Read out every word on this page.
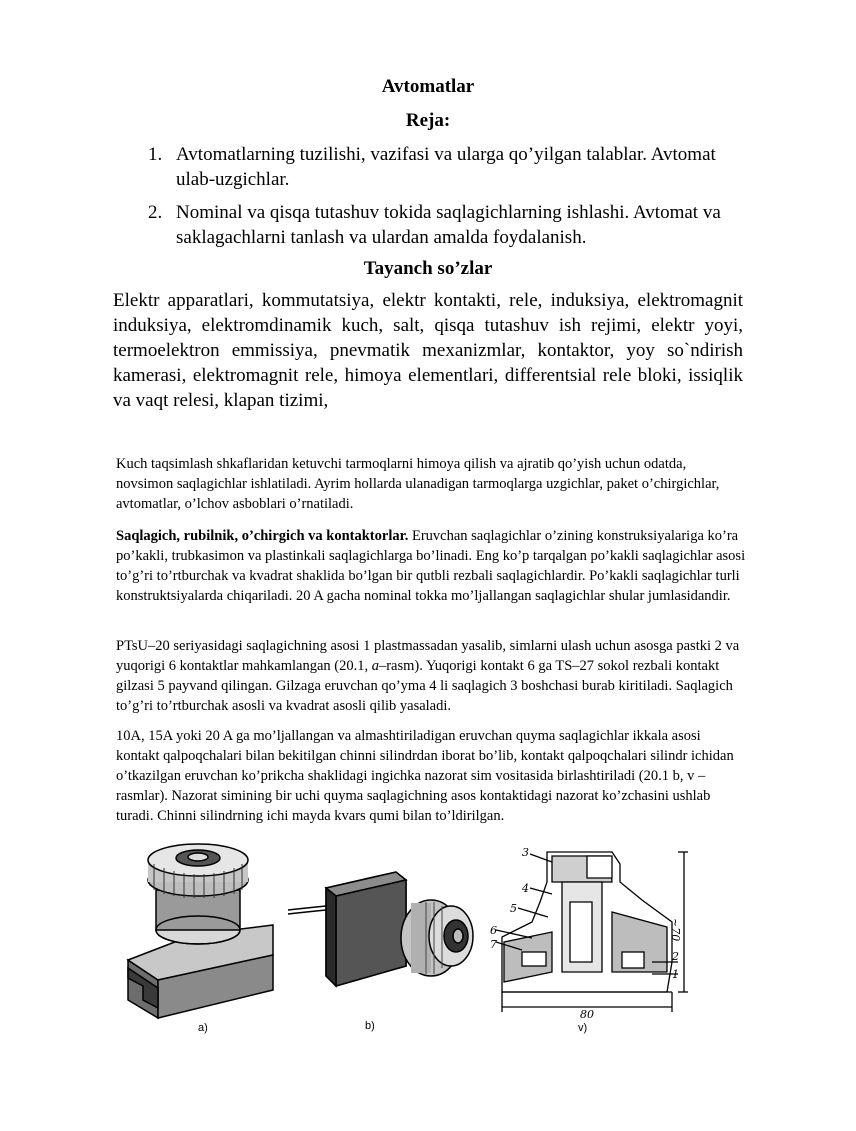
Avtomatlar
Reja:
1. Avtomatlarning tuzilishi, vazifasi va ularga qo’yilgan talablar. Avtomat ulab-uzgichlar.
2. Nominal va qisqa tutashuv tokida saqlagichlarning ishlashi. Avtomat va saklagachlarni tanlash va ulardan amalda foydalanish.
Tayanch so’zlar
Elektr apparatlari, kommutatsiya, elektr kontakti, rele, induksiya, elektromagnit induksiya, elektromdinamik kuch, salt, qisqa tutashuv ish rejimi, elektr yoyi, termoelektron emmissiya, pnevmatik mexanizmlar, kontaktor, yoy so`ndirish kamerasi, elektromagnit rele, himoya elementlari, differentsial rele bloki, issiqlik va vaqt relesi, klapan tizimi,
Kuch taqsimlash shkaflaridan ketuvchi tarmoqlarni himoya qilish va ajratib qo’yish uchun odatda, novsimon saqlagichlar ishlatiladi. Ayrim hollarda ulanadigan tarmoqlarga uzgichlar, paket o’chirgichlar, avtomatlar, o’lchov asboblari o’rnatiladi.
Saqlagich, rubilnik, o’chirgich va kontaktorlar. Eruvchan saqlagichlar o’zining konstruksiyalariga ko’ra po’kakli, trubkasimon va plastinkali saqlagichlarga bo’linadi. Eng ko’p tarqalgan po’kakli saqlagichlar asosi to’g’ri to’rtburchak va kvadrat shaklida bo’lgan bir qutbli rezbali saqlagichlardir. Po’kakli saqlagichlar turli konstruktsiyalarda chiqariladi. 20 A gacha nominal tokka mo’ljallangan saqlagichlar shular jumlasidandir.
PTsU–20 seriyasidagi saqlagichning asosi 1 plastmassadan yasalib, simlarni ulash uchun asosga pastki 2 va yuqorigi 6 kontaktlar mahkamlangan (20.1, a–rasm). Yuqorigi kontakt 6 ga TS–27 sokol rezbali kontakt gilzasi 5 payvand qilingan. Gilzaga eruvchan qo’yma 4 li saqlagich 3 boshchasi burab kiritiladi. Saqlagich to’g’ri to’rtburchak asosli va kvadrat asosli qilib yasaladi.
10A, 15A yoki 20 A ga mo’ljallangan va almashtiriladigan eruvchan quyma saqlagichlar ikkala asosi kontakt qalpoqchalari bilan bekitilgan chinni silindrdan iborat bo’lib, kontakt qalpoqchalari silindr ichidan o’tkazilgan eruvchan ko’prikcha shaklidagi ingichka nazorat sim vositasida birlashtiriladi (20.1 b, v – rasmlar). Nazorat simining bir uchi quyma saqlagichning asos kontaktidagi nazorat ko’zchasini ushlab turadi. Chinni silindrning ichi mayda kvars qumi bilan to’ldirilgan.
a)	b)
3
4
5
6
7
2
1
80
~70
v)
